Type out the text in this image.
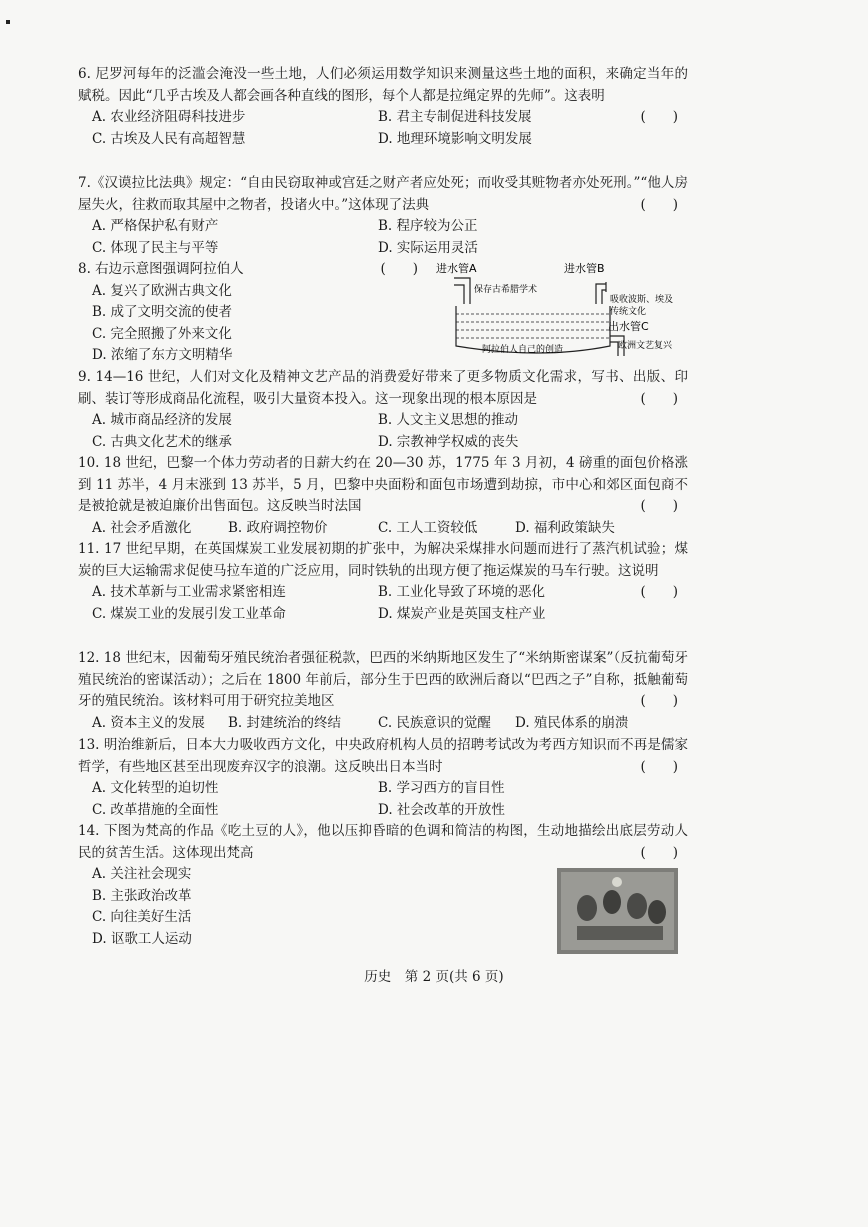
6. 尼罗河每年的泛滥会淹没一些土地，人们必须运用数学知识来测量这些土地的面积，来确定当年的赋税。因此“几乎古埃及人都会画各种直线的图形，每个人都是拉绳定界的先师”。这表明

(　　)
A. 农业经济阻碍科技进步	B. 君主专制促进科技发展
C. 古埃及人民有高超智慧	D. 地理环境影响文明发展

7.《汉谟拉比法典》规定：“自由民窃取神或宫廷之财产者应处死；而收受其赃物者亦处死刑。”“他人房屋失火，往救而取其屋中之物者，投诸火中。”这体现了法典	(　　)
A. 严格保护私有财产	B. 程序较为公正
C. 体现了民主与平等	D. 实际运用灵活

8. 右边示意图强调阿拉伯人	(　　)
A. 复兴了欧洲古典文化
B. 成了文明交流的使者
C. 完全照搬了外来文化
D. 浓缩了东方文明精华
进水管A	进水管B
出水管C
保存古希腊学术
吸收波斯、埃及
传统文化
欧洲文艺复兴
阿拉伯人自己的创造

9. 14—16 世纪，人们对文化及精神文艺产品的消费爱好带来了更多物质文化需求，写书、出版、印刷、装订等形成商品化流程，吸引大量资本投入。这一现象出现的根本原因是	(　　)
A. 城市商品经济的发展	B. 人文主义思想的推动
C. 古典文化艺术的继承	D. 宗教神学权威的丧失

10. 18 世纪，巴黎一个体力劳动者的日薪大约在 20—30 苏，1775 年 3 月初，4 磅重的面包价格涨到 11 苏半，4 月末涨到 13 苏半，5 月，巴黎中央面粉和面包市场遭到劫掠，市中心和郊区面包商不是被抢就是被迫廉价出售面包。这反映当时法国	(　　)
A. 社会矛盾激化	B. 政府调控物价	C. 工人工资较低	D. 福利政策缺失

11. 17 世纪早期，在英国煤炭工业发展初期的扩张中，为解决采煤排水问题而进行了蒸汽机试验；煤炭的巨大运输需求促使马拉车道的广泛应用，同时铁轨的出现方便了拖运煤炭的马车行驶。这说明

(　　)
A. 技术革新与工业需求紧密相连	B. 工业化导致了环境的恶化
C. 煤炭工业的发展引发工业革命	D. 煤炭产业是英国支柱产业

12. 18 世纪末，因葡萄牙殖民统治者强征税款，巴西的米纳斯地区发生了“米纳斯密谋案”（反抗葡萄牙殖民统治的密谋活动）；之后在 1800 年前后，部分生于巴西的欧洲后裔以“巴西之子”自称，抵触葡萄牙的殖民统治。该材料可用于研究拉美地区	(　　)
A. 资本主义的发展 B. 封建统治的终结	C. 民族意识的觉醒 D. 殖民体系的崩溃

13. 明治维新后，日本大力吸收西方文化，中央政府机构人员的招聘考试改为考西方知识而不再是儒家哲学，有些地区甚至出现废弃汉字的浪潮。这反映出日本当时	(　　)
A. 文化转型的迫切性	B. 学习西方的盲目性
C. 改革措施的全面性	D. 社会改革的开放性

14. 下图为梵高的作品《吃土豆的人》，他以压抑昏暗的色调和简洁的构图，生动地描绘出底层劳动人民的贫苦生活。这体现出梵高	(　　)
A. 关注社会现实
B. 主张政治改革
C. 向往美好生活
D. 讴歌工人运动
历史　第 2 页(共 6 页)
